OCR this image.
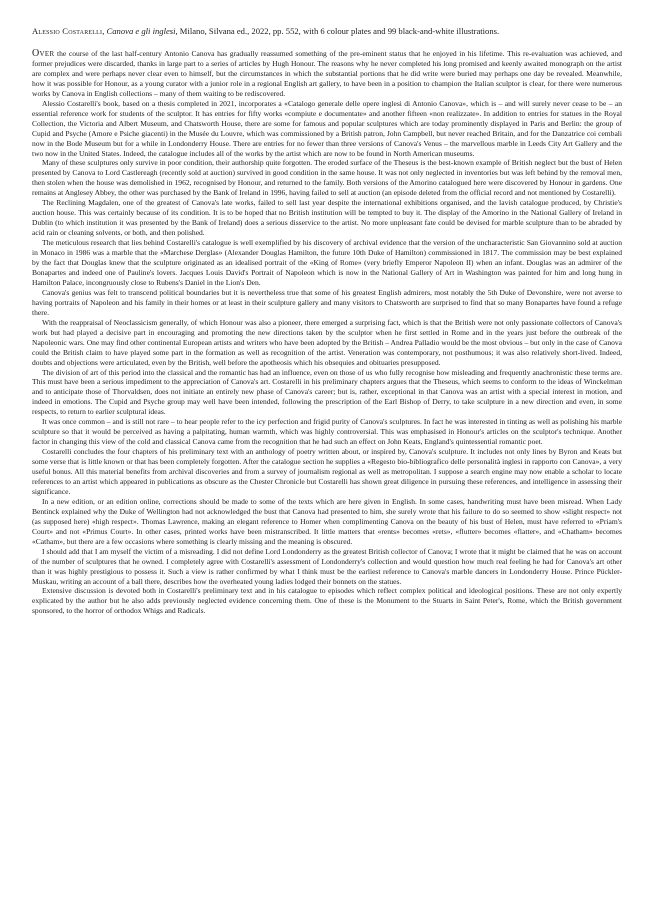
Alessio Costarelli, Canova e gli inglesi, Milano, Silvana ed., 2022, pp. 552, with 6 colour plates and 99 black-and-white illustrations.

Over the course of the last half-century Antonio Canova has gradually reassumed something of the pre-eminent status that he enjoyed in his lifetime. This re-evaluation was achieved, and former prejudices were discarded, thanks in large part to a series of articles by Hugh Honour. The reasons why he never completed his long promised and keenly awaited monograph on the artist are complex and were perhaps never clear even to himself, but the circumstances in which the substantial portions that he did write were buried may perhaps one day be revealed. Meanwhile, how it was possible for Honour, as a young curator with a junior role in a regional English art gallery, to have been in a position to champion the Italian sculptor is clear, for there were numerous works by Canova in English collections – many of them waiting to be rediscovered.

Alessio Costarelli's book, based on a thesis completed in 2021, incorporates a «Catalogo generale delle opere inglesi di Antonio Canova», which is – and will surely never cease to be – an essential reference work for students of the sculptor. It has entries for fifty works «compiute e documentate» and another fifteen «non realizzate». In addition to entries for statues in the Royal Collection, the Victoria and Albert Museum, and Chatsworth House, there are some for famous and popular sculptures which are today prominently displayed in Paris and Berlin: the group of Cupid and Psyche (Amore e Psiche giacenti) in the Musée du Louvre, which was commissioned by a British patron, John Campbell, but never reached Britain, and for the Danzatrice coi cembali now in the Bode Museum but for a while in Londonderry House. There are entries for no fewer than three versions of Canova's Venus – the marvellous marble in Leeds City Art Gallery and the two now in the United States. Indeed, the catalogue includes all of the works by the artist which are now to be found in North American museums.

Many of these sculptures only survive in poor condition, their authorship quite forgotten. The eroded surface of the Theseus is the best-known example of British neglect but the bust of Helen presented by Canova to Lord Castlereagh (recently sold at auction) survived in good condition in the same house. It was not only neglected in inventories but was left behind by the removal men, then stolen when the house was demolished in 1962, recognised by Honour, and returned to the family. Both versions of the Amorino catalogued here were discovered by Honour in gardens. One remains at Anglesey Abbey, the other was purchased by the Bank of Ireland in 1996, having failed to sell at auction (an episode deleted from the official record and not mentioned by Costarelli).

The Reclining Magdalen, one of the greatest of Canova's late works, failed to sell last year despite the international exhibitions organised, and the lavish catalogue produced, by Christie's auction house. This was certainly because of its condition. It is to be hoped that no British institution will be tempted to buy it. The display of the Amorino in the National Gallery of Ireland in Dublin (to which institution it was presented by the Bank of Ireland) does a serious disservice to the artist. No more unpleasant fate could be devised for marble sculpture than to be abraded by acid rain or cleaning solvents, or both, and then polished.

The meticulous research that lies behind Costarelli's catalogue is well exemplified by his discovery of archival evidence that the version of the uncharacteristic San Giovannino sold at auction in Monaco in 1986 was a marble that the «Marchese Derglas» (Alexander Douglas Hamilton, the future 10th Duke of Hamilton) commissioned in 1817. The commission may be best explained by the fact that Douglas knew that the sculpture originated as an idealised portrait of the «King of Rome» (very briefly Emperor Napoleon II) when an infant. Douglas was an admirer of the Bonapartes and indeed one of Pauline's lovers. Jacques Louis David's Portrait of Napoleon which is now in the National Gallery of Art in Washington was painted for him and long hung in Hamilton Palace, incongruously close to Rubens's Daniel in the Lion's Den.

Canova's genius was felt to transcend political boundaries but it is nevertheless true that some of his greatest English admirers, most notably the 5th Duke of Devonshire, were not averse to having portraits of Napoleon and his family in their homes or at least in their sculpture gallery and many visitors to Chatsworth are surprised to find that so many Bonapartes have found a refuge there.

With the reappraisal of Neoclassicism generally, of which Honour was also a pioneer, there emerged a surprising fact, which is that the British were not only passionate collectors of Canova's work but had played a decisive part in encouraging and promoting the new directions taken by the sculptor when he first settled in Rome and in the years just before the outbreak of the Napoleonic wars. One may find other continental European artists and writers who have been adopted by the British – Andrea Palladio would be the most obvious – but only in the case of Canova could the British claim to have played some part in the formation as well as recognition of the artist. Veneration was contemporary, not posthumous; it was also relatively short-lived. Indeed, doubts and objections were articulated, even by the British, well before the apotheosis which his obsequies and obituaries presupposed.

The division of art of this period into the classical and the romantic has had an influence, even on those of us who fully recognise how misleading and frequently anachronistic these terms are. This must have been a serious impediment to the appreciation of Canova's art. Costarelli in his preliminary chapters argues that the Theseus, which seems to conform to the ideas of Winckelman and to anticipate those of Thorvaldsen, does not initiate an entirely new phase of Canova's career; but is, rather, exceptional in that Canova was an artist with a special interest in motion, and indeed in emotions. The Cupid and Psyche group may well have been intended, following the prescription of the Earl Bishop of Derry, to take sculpture in a new direction and even, in some respects, to return to earlier sculptural ideas.

It was once common – and is still not rare – to hear people refer to the icy perfection and frigid purity of Canova's sculptures. In fact he was interested in tinting as well as polishing his marble sculpture so that it would be perceived as having a palpitating, human warmth, which was highly controversial. This was emphasised in Honour's articles on the sculptor's technique. Another factor in changing this view of the cold and classical Canova came from the recognition that he had such an effect on John Keats, England's quintessential romantic poet.

Costarelli concludes the four chapters of his preliminary text with an anthology of poetry written about, or inspired by, Canova's sculpture. It includes not only lines by Byron and Keats but some verse that is little known or that has been completely forgotten. After the catalogue section he supplies a «Regesto bio-bibliografico delle personalità inglesi in rapporto con Canova», a very useful bonus. All this material benefits from archival discoveries and from a survey of journalism regional as well as metropolitan. I suppose a search engine may now enable a scholar to locate references to an artist which appeared in publications as obscure as the Chester Chronicle but Costarelli has shown great diligence in pursuing these references, and intelligence in assessing their significance.

In a new edition, or an edition online, corrections should be made to some of the texts which are here given in English. In some cases, handwriting must have been misread. When Lady Bentinck explained why the Duke of Wellington had not acknowledged the bust that Canova had presented to him, she surely wrote that his failure to do so seemed to show «slight respect» not (as supposed here) «high respect». Thomas Lawrence, making an elegant reference to Homer when complimenting Canova on the beauty of his bust of Helen, must have referred to «Priam's Court» and not «Primus Court». In other cases, printed works have been mistranscribed. It little matters that «rents» becomes «rets», «flutter» becomes «flatter», and «Chatham» becomes «Catham», but there are a few occasions where something is clearly missing and the meaning is obscured.

I should add that I am myself the victim of a misreading. I did not define Lord Londonderry as the greatest British collector of Canova; I wrote that it might be claimed that he was on account of the number of sculptures that he owned. I completely agree with Costarelli's assessment of Londonderry's collection and would question how much real feeling he had for Canova's art other than it was highly prestigious to possess it. Such a view is rather confirmed by what I think must be the earliest reference to Canova's marble dancers in Londonderry House. Prince Pückler-Muskau, writing an account of a ball there, describes how the overheated young ladies lodged their bonnets on the statues.

Extensive discussion is devoted both in Costarelli's preliminary text and in his catalogue to episodes which reflect complex political and ideological positions. These are not only expertly explicated by the author but he also adds previously neglected evidence concerning them. One of these is the Monument to the Stuarts in Saint Peter's, Rome, which the British government sponsored, to the horror of orthodox Whigs and Radicals.
